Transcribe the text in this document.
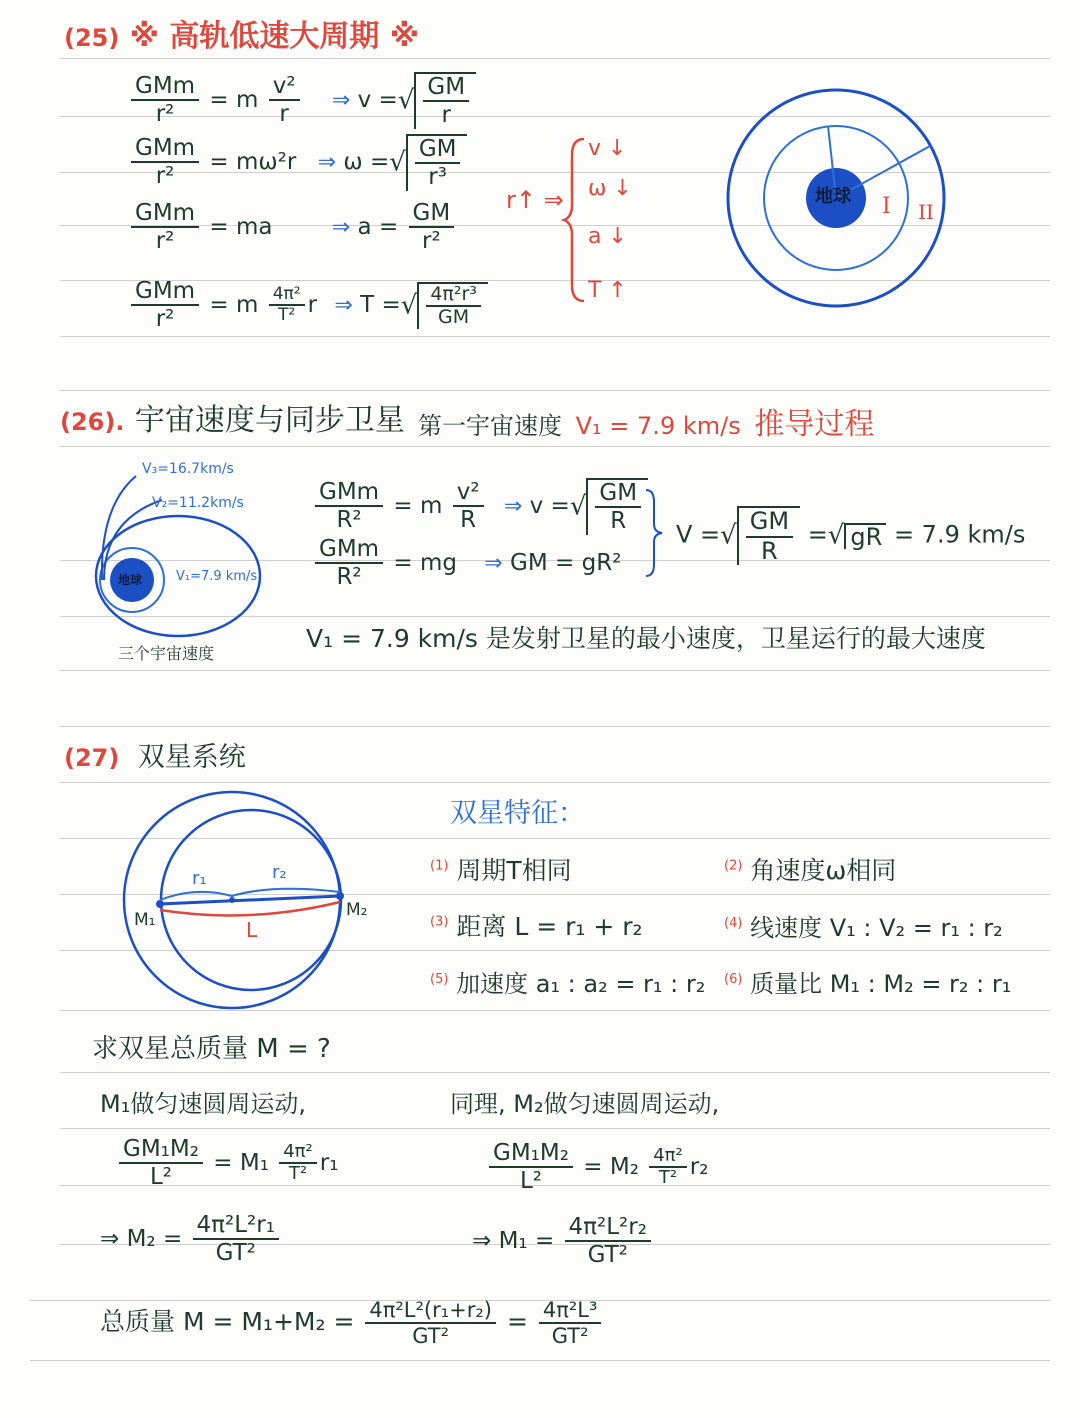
(25) ※ 高轨低速大周期 ※
$\frac{\text{GMm}}{\text{r²}} = m \frac{\text{v²}}{r}$ ⇒ v =√ $\frac{GM}{r}$
$\frac{\text{GMm}}{\text{r²}} = m\omega^2r$ ⇒ ω =√ $\frac{GM}{\text{r³}}$
$\frac{\text{GMm}}{\text{r²}}$ = ma	⇒ $a = \frac{GM}{\text{r²}}$
$\frac{\text{GMm}}{\text{r²}} = m \frac{\text{4π²}}{\text{T²}}$ r ⇒ T =√ $\frac{\text{4π²r³}}{GM}$
r↑ ⇒
v ↓
ω ↓
a ↓
T ↑
地球 I II
(26). 宇宙速度与同步卫星 第一宇宙速度 V₁ = 7.9 km/s 推导过程
V₃=16.7km/s
V₂=11.2km/s
V₁=7.9 km/s
地球
三个宇宙速度
$\frac{\text{GMm}}{\text{R²}} = m \frac{\text{v²}}{R}$ ⇒ v =√ $\frac{GM}{R}$
$\frac{\text{GMm}}{\text{R²}}$ = mg ⇒ GM = gR²
V =√ $\frac{GM}{R}$ =√ gR = 7.9 km/s
V₁ = 7.9 km/s 是发射卫星的最小速度，卫星运行的最大速度
(27) 双星系统
r₁	r₂
M₁	M₂
L
双星特征：
$^{(1)}$ 周期T相同	$^{(2)}$ 角速度ω相同
$^{(3)}$ 距离 L = r₁ + r₂	$^{(4)}$ 线速度 V₁ : V₂ = r₁ : r₂
$^{(5)}$ 加速度 a₁ : a₂ = r₁ : r₂ $^{(6)}$ 质量比 M₁ : M₂ = r₂ : r₁
求双星总质量 M = ?
M₁做匀速圆周运动,	同理, M₂做匀速圆周运动,
$\frac{\text{GM₁M₂}}{\text{L²}} = M_1 \frac{\text{4π²}}{\text{T²}} r_1$	$\frac{\text{GM₁M₂}}{\text{L²}} = M_2 \frac{\text{4π²}}{\text{T²}} r_2$
⇒ $M_2 = \frac{\text{4π²L²r₁}}{\text{GT²}}$	⇒ $M_1 = \frac{\text{4π²L²r₂}}{\text{GT²}}$
总质量 $M = M_1+M_2 = \frac{\text{4π²L²(r₁+r₂)}}{\text{GT²}} = \frac{\text{4π²L³}}{\text{GT²}}$
